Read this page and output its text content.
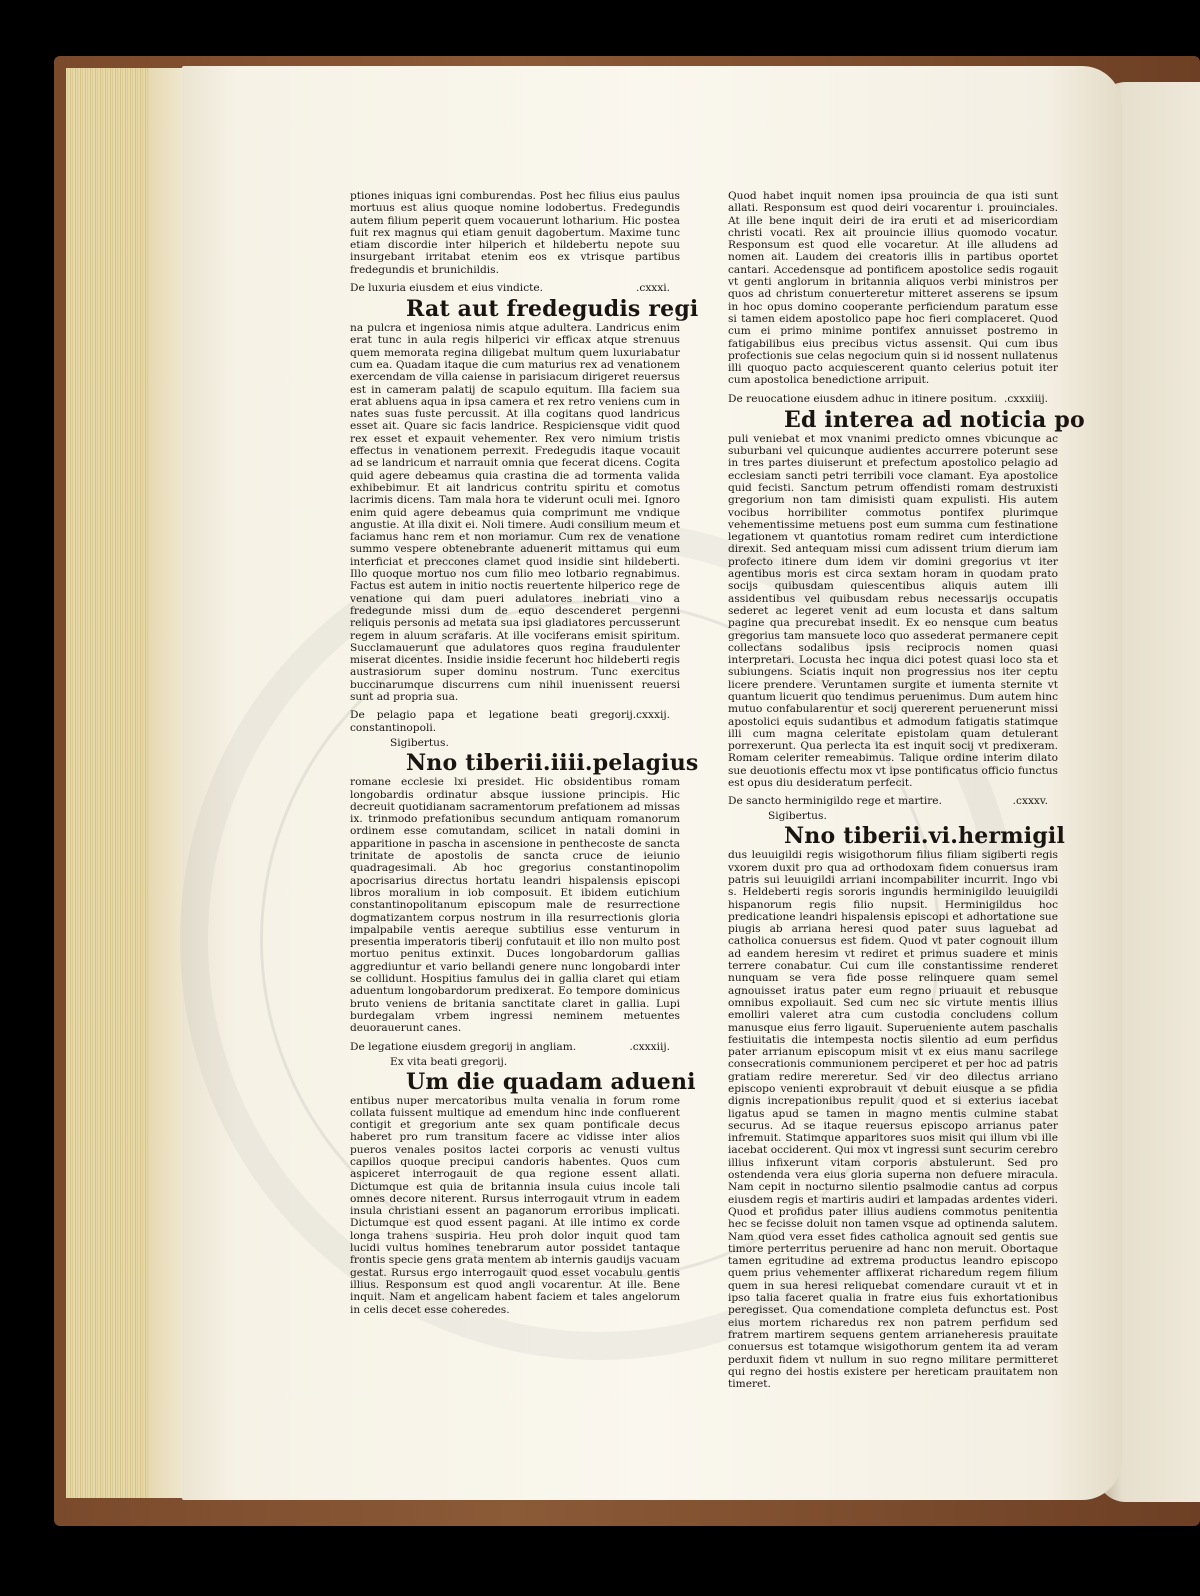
ptiones iniquas igni comburendas. Post hec filius eius paulus mortuus est alius quoque nomine lodobertus. Fredegundis autem filium peperit quem vocauerunt lotharium. Hic postea fuit rex magnus qui etiam genuit dagobertum. Maxime tunc etiam discordie inter hilperich et hildebertu nepote suu insurgebant irritabat etenim eos ex vtrisque partibus fredegundis et brunichildis.

De luxuria eiusdem et eius vindicte.	.cxxxi.
Rat aut fredegudis regi

na pulcra et ingeniosa nimis atque adultera. Landricus enim erat tunc in aula regis hilperici vir efficax atque strenuus quem memorata regina diligebat multum quem luxuriabatur cum ea. Quadam itaque die cum maturius rex ad venationem exercendam de villa caiense in parisiacum dirigeret reuersus est in cameram palatij de scapulo equitum. Illa faciem sua erat abluens aqua in ipsa camera et rex retro veniens cum in nates suas fuste percussit. At illa cogitans quod landricus esset ait. Quare sic facis landrice. Respiciensque vidit quod rex esset et expauit vehementer. Rex vero nimium tristis effectus in venationem perrexit. Fredegudis itaque vocauit ad se landricum et narrauit omnia que fecerat dicens. Cogita quid agere debeamus quia crastina die ad tormenta valida exhibebimur. Et ait landricus contritu spiritu et comotus lacrimis dicens. Tam mala hora te viderunt oculi mei. Ignoro enim quid agere debeamus quia comprimunt me vndique angustie. At illa dixit ei. Noli timere. Audi consilium meum et faciamus hanc rem et non moriamur. Cum rex de venatione summo vespere obtenebrante aduenerit mittamus qui eum interficiat et preccones clamet quod insidie sint hildeberti. Illo quoque mortuo nos cum filio meo lotbario regnabimus. Factus est autem in initio noctis reuertente hilperico rege de venatione qui dam pueri adulatores inebriati vino a fredegunde missi dum de equo descenderet pergenni reliquis personis ad metata sua ipsi gladiatores percusserunt regem in aluum scrafaris. At ille vociferans emisit spiritum. Succlamauerunt que adulatores quos regina fraudulenter miserat dicentes. Insidie insidie fecerunt hoc hildeberti regis austrasiorum super dominu nostrum. Tunc exercitus buccinarumque discurrens cum nihil inuenissent reuersi sunt ad propria sua.

De pelagio papa et legatione beati gregorij constantinopoli.
.cxxxij.
Sigibertus.
Nno tiberii.iiii.pelagius

romane ecclesie lxi presidet. Hic obsidentibus romam longobardis ordinatur absque iussione principis. Hic decreuit quotidianam sacramentorum prefationem ad missas ix. trinmodo prefationibus secundum antiquam romanorum ordinem esse comutandam, scilicet in natali domini in apparitione in pascha in ascensione in penthecoste de sancta trinitate de apostolis de sancta cruce de ieiunio quadragesimali. Ab hoc gregorius constantinopolim apocrisarius directus hortatu leandri hispalensis episcopi libros moralium in iob composuit. Et ibidem eutichium constantinopolitanum episcopum male de resurrectione dogmatizantem corpus nostrum in illa resurrectionis gloria impalpabile ventis aereque subtilius esse venturum in presentia imperatoris tiberij confutauit et illo non multo post mortuo penitus extinxit. Duces longobardorum gallias aggrediuntur et vario bellandi genere nunc longobardi inter se collidunt. Hospitius famulus dei in gallia claret qui etiam aduentum longobardorum predixerat. Eo tempore dominicus bruto veniens de britania sanctitate claret in gallia. Lupi burdegalam vrbem ingressi neminem metuentes deuorauerunt canes.

De legatione eiusdem gregorij in angliam.	.cxxxiij.
Ex vita beati gregorij.
Um die quadam adueni

entibus nuper mercatoribus multa venalia in forum rome collata fuissent multique ad emendum hinc inde confluerent contigit et gregorium ante sex quam pontificale decus haberet pro rum transitum facere ac vidisse inter alios pueros venales positos lactei corporis ac venusti vultus capillos quoque precipui candoris habentes. Quos cum aspiceret interrogauit de qua regione essent allati. Dictumque est quia de britannia insula cuius incole tali omnes decore niterent. Rursus interrogauit vtrum in eadem insula christiani essent an paganorum erroribus implicati. Dictumque est quod essent pagani. At ille intimo ex corde longa trahens suspiria. Heu proh dolor inquit quod tam lucidi vultus homines tenebrarum autor possidet tantaque frontis specie gens grata mentem ab internis gaudijs vacuam gestat. Rursus ergo interrogauit quod esset vocabulu gentis illius. Responsum est quod angli vocarentur. At ille. Bene inquit. Nam et angelicam habent faciem et tales angelorum in celis decet esse coheredes.

Quod habet inquit nomen ipsa prouincia de qua isti sunt allati. Responsum est quod deiri vocarentur i. prouinciales. At ille bene inquit deiri de ira eruti et ad misericordiam christi vocati. Rex ait prouincie illius quomodo vocatur. Responsum est quod elle vocaretur. At ille alludens ad nomen ait. Laudem dei creatoris illis in partibus oportet cantari. Accedensque ad pontificem apostolice sedis rogauit vt genti anglorum in britannia aliquos verbi ministros per quos ad christum conuerteretur mitteret asserens se ipsum in hoc opus domino cooperante perficiendum paratum esse si tamen eidem apostolico pape hoc fieri complaceret. Quod cum ei primo minime pontifex annuisset postremo in fatigabilibus eius precibus victus assensit. Qui cum ibus profectionis sue celas negocium quin si id nossent nullatenus illi quoquo pacto acquiescerent quanto celerius potuit iter cum apostolica benedictione arripuit.

De reuocatione eiusdem adhuc in itinere positum. .cxxxiiij.
Ed interea ad noticia po

puli veniebat et mox vnanimi predicto omnes vbicunque ac suburbani vel quicunque audientes accurrere poterunt sese in tres partes diuiserunt et prefectum apostolico pelagio ad ecclesiam sancti petri terribili voce clamant. Eya apostolice quid fecisti. Sanctum petrum offendisti romam destruxisti gregorium non tam dimisisti quam expulisti. His autem vocibus horribiliter commotus pontifex plurimque vehementissime metuens post eum summa cum festinatione legationem vt quantotius romam rediret cum interdictione direxit. Sed antequam missi cum adissent trium dierum iam profecto itinere dum idem vir domini gregorius vt iter agentibus moris est circa sextam horam in quodam prato socijs quibusdam quiescentibus aliquis autem illi assidentibus vel quibusdam rebus necessarijs occupatis sederet ac legeret venit ad eum locusta et dans saltum pagine qua precurebat insedit. Ex eo nensque cum beatus gregorius tam mansuete loco quo assederat permanere cepit collectans sodalibus ipsis reciprocis nomen quasi interpretari. Locusta hec inqua dici potest quasi loco sta et subiungens. Sciatis inquit non progressius nos iter ceptu licere prendere. Veruntamen surgite et iumenta sternite vt quantum licuerit quo tendimus peruenimus. Dum autem hinc mutuo confabularentur et socij quererent peruenerunt missi apostolici equis sudantibus et admodum fatigatis statimque illi cum magna celeritate epistolam quam detulerant porrexerunt. Qua perlecta ita est inquit socij vt predixeram. Romam celeriter remeabimus. Talique ordine interim dilato sue deuotionis effectu mox vt ipse pontificatus officio functus est opus diu desideratum perfecit.

De sancto herminigildo rege et martire.	.cxxxv.
Sigibertus.
Nno tiberii.vi.hermigil

dus leuuigildi regis wisigothorum filius filiam sigiberti regis vxorem duxit pro qua ad orthodoxam fidem conuersus iram patris sui leuuigildi arriani incompabiliter incurrit. Ingo vbi s. Heldeberti regis sororis ingundis herminigildo leuuigildi hispanorum regis filio nupsit. Herminigildus hoc predicatione leandri hispalensis episcopi et adhortatione sue piugis ab arriana heresi quod pater suus laguebat ad catholica conuersus est fidem. Quod vt pater cognouit illum ad eandem heresim vt rediret et primus suadere et minis terrere conabatur. Cui cum ille constantissime renderet nunquam se vera fide posse relinquere quam semel agnouisset iratus pater eum regno priuauit et rebusque omnibus expoliauit. Sed cum nec sic virtute mentis illius emolliri valeret atra cum custodia concludens collum manusque eius ferro ligauit. Superueniente autem paschalis festiuitatis die intempesta noctis silentio ad eum perfidus pater arrianum episcopum misit vt ex eius manu sacrilege consecrationis communionem perciperet et per hoc ad patris gratiam redire mereretur. Sed vir deo dilectus arriano episcopo venienti exprobrauit vt debuit eiusque a se pfidia dignis increpationibus repulit quod et si exterius iacebat ligatus apud se tamen in magno mentis culmine stabat securus. Ad se itaque reuersus episcopo arrianus pater infremuit. Statimque apparitores suos misit qui illum vbi ille iacebat occiderent. Qui mox vt ingressi sunt securim cerebro illius infixerunt vitam corporis abstulerunt. Sed pro ostendenda vera eius gloria superna non defuere miracula. Nam cepit in nocturno silentio psalmodie cantus ad corpus eiusdem regis et martiris audiri et lampadas ardentes videri. Quod et profidus pater illius audiens commotus penitentia hec se fecisse doluit non tamen vsque ad optinenda salutem. Nam quod vera esset fides catholica agnouit sed gentis sue timore perterritus peruenire ad hanc non meruit. Obortaque tamen egritudine ad extrema productus leandro episcopo quem prius vehementer afflixerat richaredum regem filium quem in sua heresi reliquebat comendare curauit vt et in ipso talia faceret qualia in fratre eius fuis exhortationibus peregisset. Qua comendatione completa defunctus est. Post eius mortem richaredus rex non patrem perfidum sed fratrem martirem sequens gentem arrianeheresis prauitate conuersus est totamque wisigothorum gentem ita ad veram perduxit fidem vt nullum in suo regno militare permitteret qui regno dei hostis existere per hereticam prauitatem non timeret.
